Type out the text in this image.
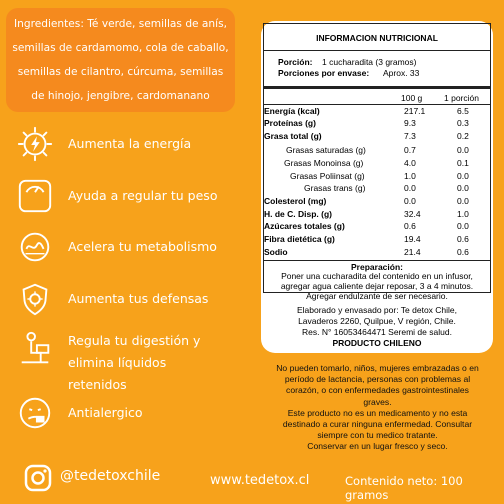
Ingredientes: Té verde, semillas de anís, semillas de cardamomo, cola de caballo, semillas de cilantro, cúrcuma, semillas de hinojo, jengibre, cardomanano
Aumenta la energía
Ayuda a regular tu peso
Acelera tu metabolismo
Aumenta tus defensas
Regula tu digestión y elimina líquidos retenidos
Antialergico
INFORMACION NUTRICIONAL
Porción: 1 cucharadita (3 gramos)
Porciones por envase: Aprox. 33
100 g	1 porción
Energía (kcal)	217.1	6.5
Proteínas (g)	9.3	0.3
Grasa total (g)	7.3	0.2
Grasas saturadas (g)	0.7	0.0
Grasas Monoinsa (g)	4.0	0.1
Grasas Poliinsat (g)	1.0	0.0
Grasas trans (g)	0.0	0.0
Colesterol (mg)	0.0	0.0
H. de C. Disp. (g)	32.4	1.0
Azúcares totales (g)	0.6	0.0
Fibra dietética (g)	19.4	0.6
Sodio	21.4	0.6
Preparación:
Poner una cucharadita del contenido en un infusor,
agregar agua caliente dejar reposar, 3 a 4 minutos.
Agregar endulzante de ser necesario.
Elaborado y envasado por: Te detox Chile,
Lavaderos 2260, Quilpue, V región, Chile.
Res. N° 16053464471 Seremi de salud.
PRODUCTO CHILENO
No pueden tomarlo, niños, mujeres embrazadas o en
período de lactancia, personas con problemas al
corazón, o con enfermedades gastrointestinales
graves.
Este producto no es un medicamento y no esta
destinado a curar ninguna enfermedad. Consultar
siempre con tu medico tratante.
Conservar en un lugar fresco y seco.
@tedetoxchile	www.tedetox.cl	Contenido neto: 100 gramos
